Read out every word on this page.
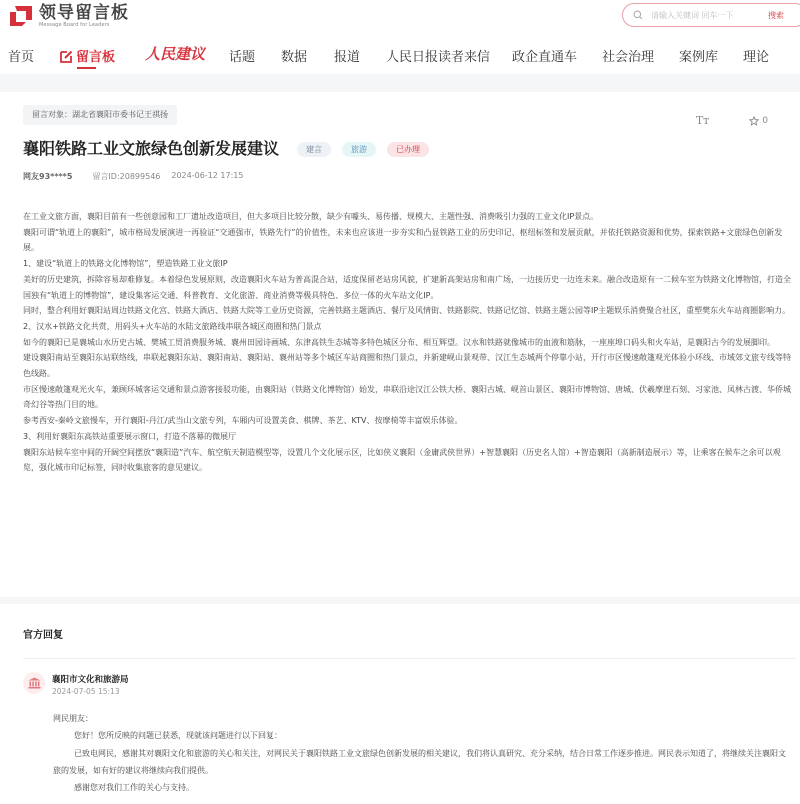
领导留言板
Message Board for Leaders
请输入关键词 回车一下
搜索
首页	留言板 人民建议 话题 数据 报道 人民日报读者来信 政企直通车 社会治理 案例库 理论
留言对象：湖北省襄阳市委书记王祺扬	Tт	0
襄阳铁路工业文旅绿色创新发展建议	建言	旅游	已办理
网友93****5	留言ID:20899546 2024-06-12 17:15

在工业文旅方面，襄阳目前有一些创意园和工厂遗址改造项目，但大多项目比较分散，缺少有噱头、易传播、规模大、主题性强、消费吸引力强的工业文化IP景点。

襄阳可谓“轨道上的襄阳”，城市格局发展演进一再验证“交通强市，铁路先行”的价值性，未来也应该进一步夯实和凸显铁路工业的历史印记、枢纽标签和发展贡献，并依托铁路资源和优势，探索铁路+文旅绿色创新发展。

1、建设“轨道上的铁路文化博物馆”，塑造铁路工业文旅IP

美好的历史建筑，拆除容易却难修复。本着绿色发展原则，改造襄阳火车站为普高混合站，适度保留老站房风貌，扩建新高架站房和南广场，一边接历史一边连未来。融合改造原有一二候车室为铁路文化博物馆，打造全国独有“轨道上的博物馆”，建设集客运交通、科普教育、文化旅游、商业消费等极具特色、多位一体的火车站文化IP。

同时，整合利用好襄阳站周边铁路文化宫、铁路大酒店、铁路大院等工业历史资源，完善铁路主题酒店、餐厅及风情街、铁路影院、铁路记忆馆、铁路主题公园等IP主题娱乐消费聚合社区，重塑樊东火车站商圈影响力。

2、汉水+铁路文化共赏，用码头+火车站的水陆文旅路线串联各城区商圈和热门景点

如今的襄阳已是襄城山水历史古城、樊城工贸消费服务城、襄州田园诗画城、东津高铁生态城等多特色城区分布、相互辉望。汉水和铁路就像城市的血液和筋脉，一座座埠口码头和火车站，是襄阳古今的发展脚印。

建设襄阳南站至襄阳东站联络线，串联起襄阳东站、襄阳南站、襄阳站、襄州站等多个城区车站商圈和热门景点，并新建岘山景观带、汉江生态城两个停靠小站，开行市区慢速敞篷观光体验小环线、市域郊文旅专线等特色线路。

市区慢速敞篷观光火车，兼顾环城客运交通和景点游客接驳功能，由襄阳站（铁路文化博物馆）始发，串联沿途汉江公铁大桥、襄阳古城、岘首山景区、襄阳市博物馆、唐城、伏羲摩崖石刻、习家池、凤林古渡、华侨城奇幻谷等热门目的地。

参考西安-秦岭文旅慢车，开行襄阳-丹江/武当山文旅专列，车厢内可设置美食、棋牌、茶艺、KTV、按摩椅等丰富娱乐体验。

3、利用好襄阳东高铁站重要展示窗口，打造不落幕的微展厅

襄阳东站候车室中间的开阔空间摆放“襄阳造”汽车、航空航天制造模型等，设置几个文化展示区，比如侠义襄阳（金庸武侠世界）+智慧襄阳（历史名人馆）+智造襄阳（高新制造展示）等，让乘客在候车之余可以观览，强化城市印记标签，同时收集旅客的意见建议。

官方回复
襄阳市文化和旅游局
2024-07-05 15:13

网民朋友：

您好！您所反映的问题已获悉，现就该问题进行以下回复：

已致电网民，感谢其对襄阳文化和旅游的关心和关注，对网民关于襄阳铁路工业文旅绿色创新发展的相关建议，我们将认真研究、充分采纳，结合日常工作逐步推进。网民表示知道了，将继续关注襄阳文旅的发展，如有好的建议将继续向我们提供。

感谢您对我们工作的关心与支持。
